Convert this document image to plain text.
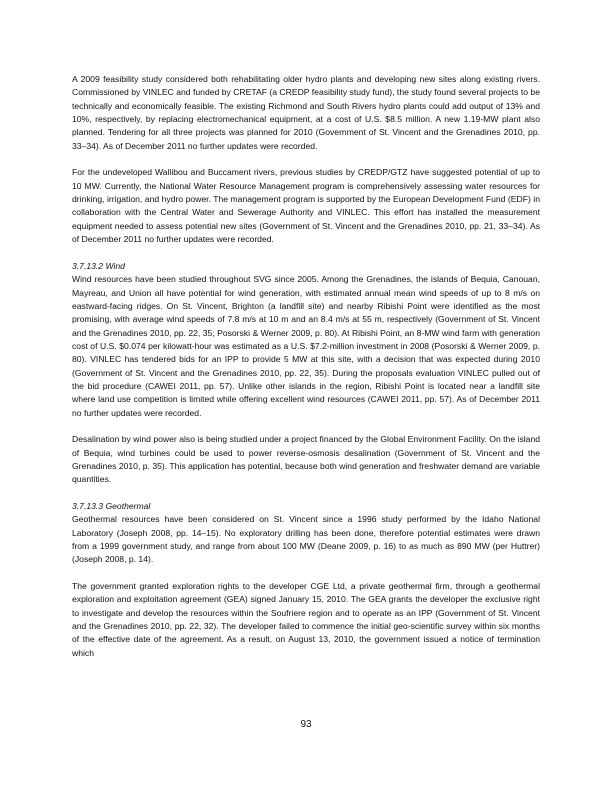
A 2009 feasibility study considered both rehabilitating older hydro plants and developing new sites along existing rivers. Commissioned by VINLEC and funded by CRETAF (a CREDP feasibility study fund), the study found several projects to be technically and economically feasible. The existing Richmond and South Rivers hydro plants could add output of 13% and 10%, respectively, by replacing electromechanical equipment, at a cost of U.S. $8.5 million. A new 1.19-MW plant also planned. Tendering for all three projects was planned for 2010 (Government of St. Vincent and the Grenadines 2010, pp. 33–34). As of December 2011 no further updates were recorded.

For the undeveloped Wallibou and Buccament rivers, previous studies by CREDP/GTZ have suggested potential of up to 10 MW. Currently, the National Water Resource Management program is comprehensively assessing water resources for drinking, irrigation, and hydro power. The management program is supported by the European Development Fund (EDF) in collaboration with the Central Water and Sewerage Authority and VINLEC. This effort has installed the measurement equipment needed to assess potential new sites (Government of St. Vincent and the Grenadines 2010, pp. 21, 33–34). As of December 2011 no further updates were recorded.

3.7.13.2 Wind

Wind resources have been studied throughout SVG since 2005. Among the Grenadines, the islands of Bequia, Canouan, Mayreau, and Union all have potential for wind generation, with estimated annual mean wind speeds of up to 8 m/s on eastward-facing ridges. On St. Vincent, Brighton (a landfill site) and nearby Ribishi Point were identified as the most promising, with average wind speeds of 7.8 m/s at 10 m and an 8.4 m/s at 55 m, respectively (Government of St. Vincent and the Grenadines 2010, pp. 22, 35; Posorski & Werner 2009, p. 80). At Ribishi Point, an 8-MW wind farm with generation cost of U.S. $0.074 per kilowatt-hour was estimated as a U.S. $7.2-million investment in 2008 (Posorski & Werner 2009, p. 80). VINLEC has tendered bids for an IPP to provide 5 MW at this site, with a decision that was expected during 2010 (Government of St. Vincent and the Grenadines 2010, pp. 22, 35). During the proposals evaluation VINLEC pulled out of the bid procedure (CAWEI 2011, pp. 57). Unlike other islands in the region, Ribishi Point is located near a landfill site where land use competition is limited while offering excellent wind resources (CAWEI 2011, pp. 57). As of December 2011 no further updates were recorded.

Desalination by wind power also is being studied under a project financed by the Global Environment Facility. On the island of Bequia, wind turbines could be used to power reverse-osmosis desalination (Government of St. Vincent and the Grenadines 2010, p. 35). This application has potential, because both wind generation and freshwater demand are variable quantities.

3.7.13.3 Geothermal

Geothermal resources have been considered on St. Vincent since a 1996 study performed by the Idaho National Laboratory (Joseph 2008, pp. 14–15). No exploratory drilling has been done, therefore potential estimates were drawn from a 1999 government study, and range from about 100 MW (Deane 2009, p. 16) to as much as 890 MW (per Huttrer) (Joseph 2008, p. 14).

The government granted exploration rights to the developer CGE Ltd, a private geothermal firm, through a geothermal exploration and exploitation agreement (GEA) signed January 15, 2010. The GEA grants the developer the exclusive right to investigate and develop the resources within the Soufriere region and to operate as an IPP (Government of St. Vincent and the Grenadines 2010, pp. 22, 32). The developer failed to commence the initial geo-scientific survey within six months of the effective date of the agreement. As a result, on August 13, 2010, the government issued a notice of termination which

93
